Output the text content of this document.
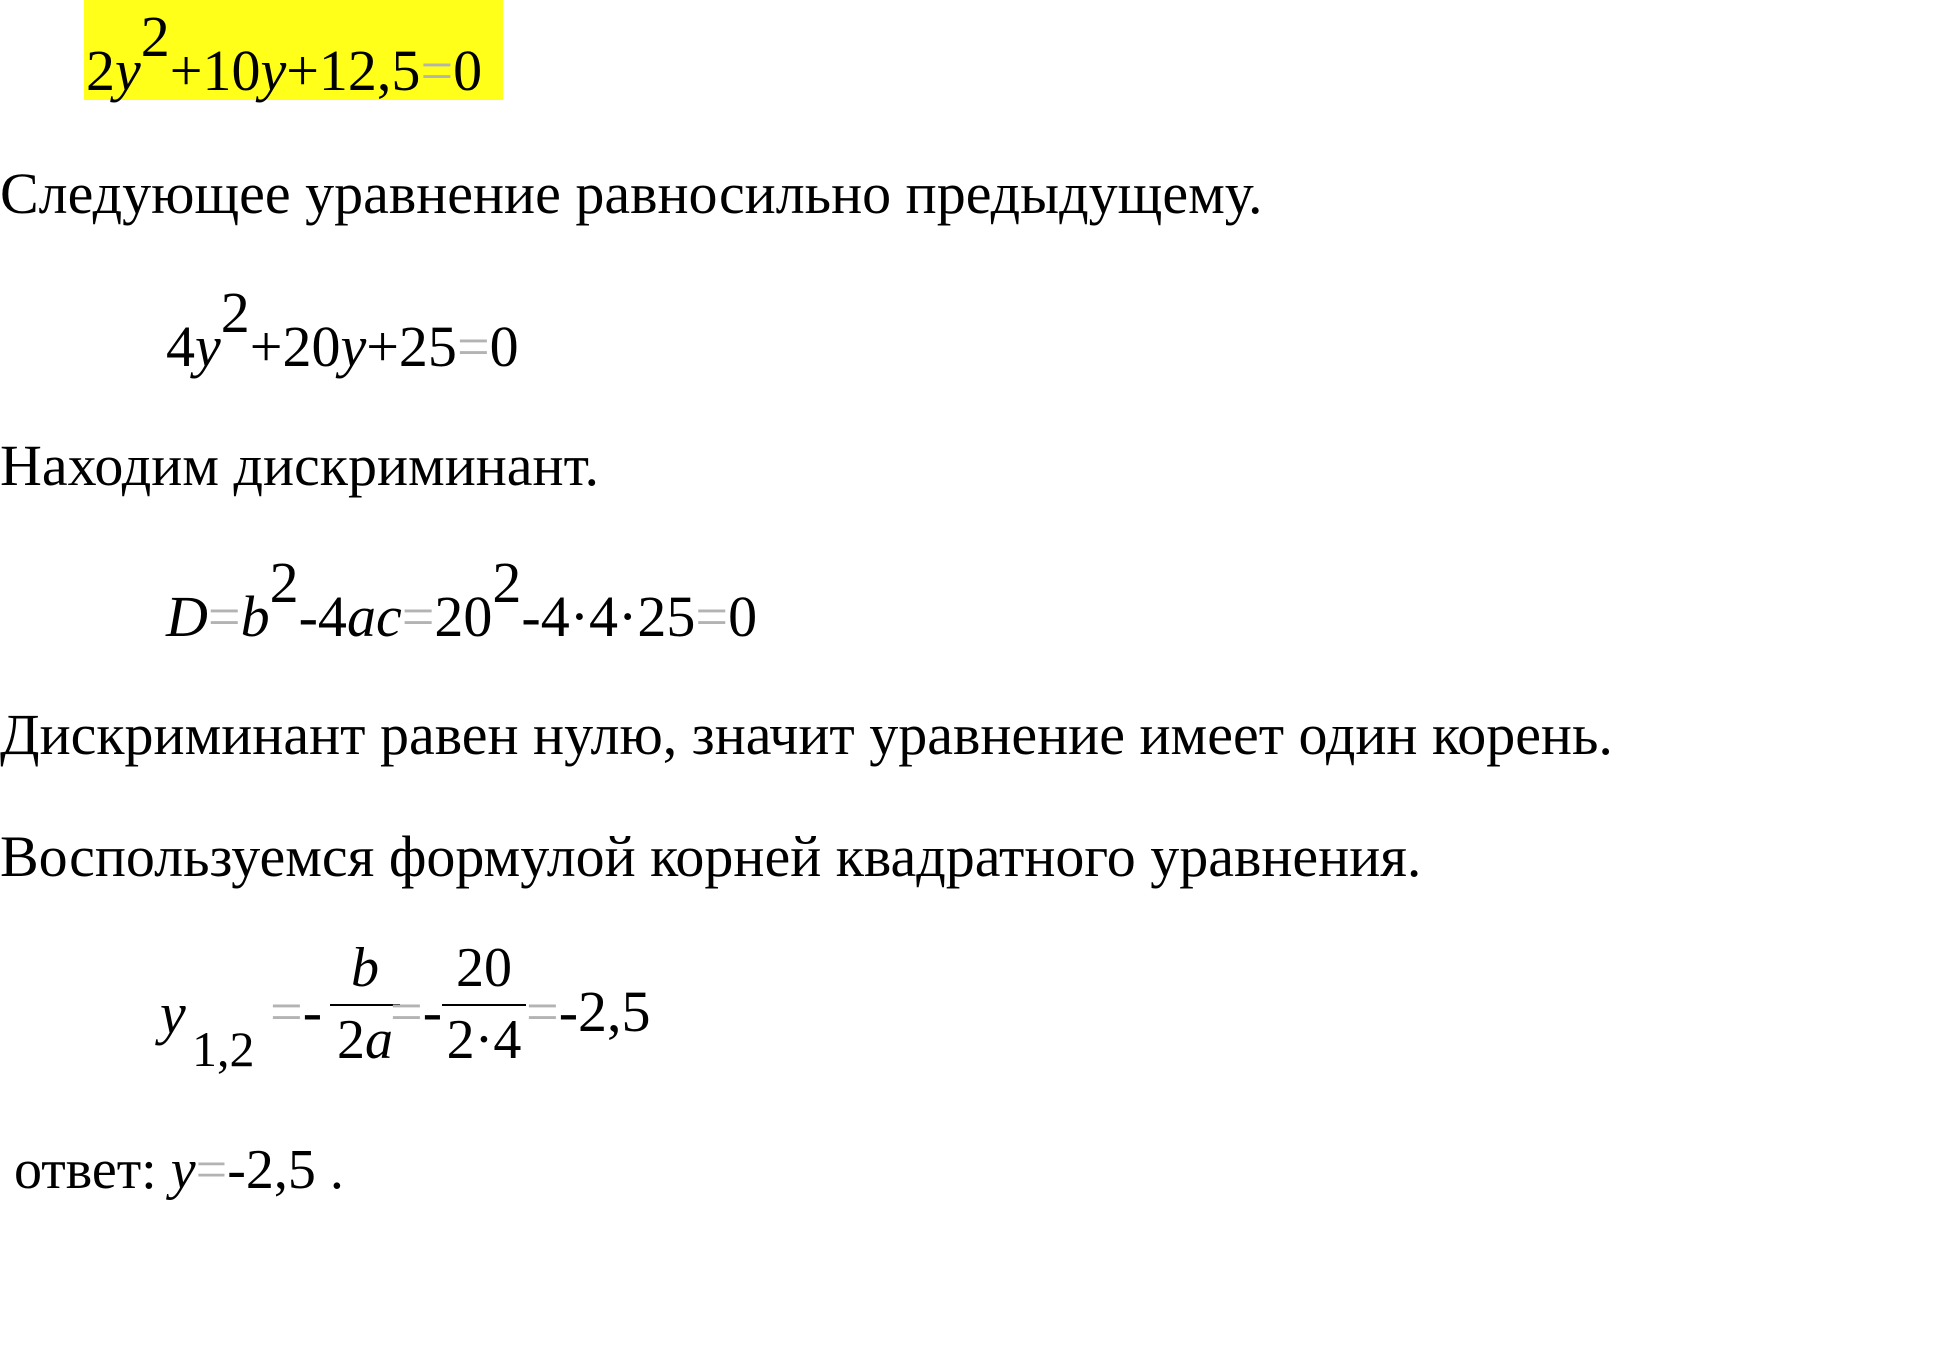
$2y^2+10y+12,5=0$
Следующее уравнение равносильно предыдущему.
$4y^2+20y+25=0$
Находим дискриминант.
$D=b^2-4ac=20^2-4\cdot 4\cdot 25=0$
Дискриминант равен нулю, значит уравнение имеет один корень.
Воспользуемся формулой корней квадратного уравнения.
y
1,2
=-
b
2a
=-
20
2·4 =-2,5
ответ: y=-2,5 .
